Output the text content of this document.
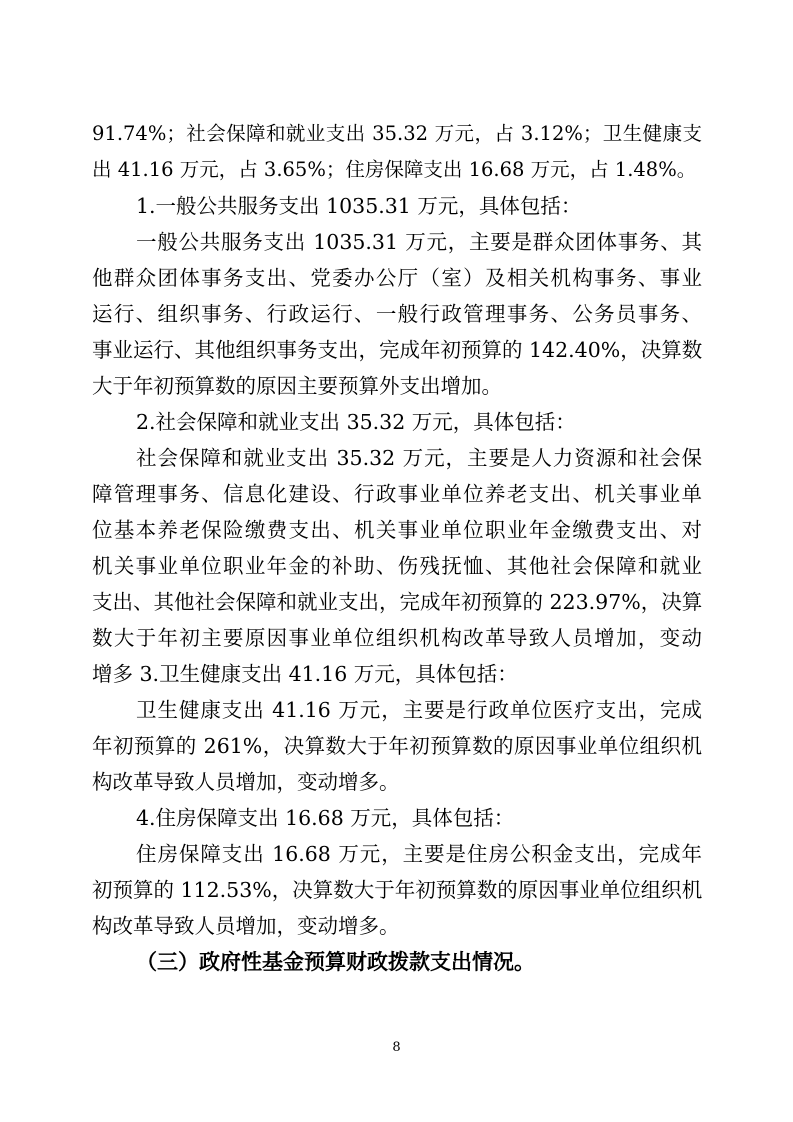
91.74%；社会保障和就业支出 35.32 万元，占 3.12%；卫生健康支
出 41.16 万元，占 3.65%；住房保障支出 16.68 万元，占 1.48%。
1.一般公共服务支出 1035.31 万元，具体包括：
一般公共服务支出 1035.31 万元，主要是群众团体事务、其
他群众团体事务支出、党委办公厅（室）及相关机构事务、事业
运行、组织事务、行政运行、一般行政管理事务、公务员事务、
事业运行、其他组织事务支出，完成年初预算的 142.40%，决算数
大于年初预算数的原因主要预算外支出增加。
2.社会保障和就业支出 35.32 万元，具体包括：
社会保障和就业支出 35.32 万元，主要是人力资源和社会保
障管理事务、信息化建设、行政事业单位养老支出、机关事业单
位基本养老保险缴费支出、机关事业单位职业年金缴费支出、对
机关事业单位职业年金的补助、伤残抚恤、其他社会保障和就业
支出、其他社会保障和就业支出，完成年初预算的 223.97%，决算
数大于年初主要原因事业单位组织机构改革导致人员增加，变动
增多 3.卫生健康支出 41.16 万元，具体包括：
卫生健康支出 41.16 万元，主要是行政单位医疗支出，完成
年初预算的 261%，决算数大于年初预算数的原因事业单位组织机
构改革导致人员增加，变动增多。
4.住房保障支出 16.68 万元，具体包括：
住房保障支出 16.68 万元，主要是住房公积金支出，完成年
初预算的 112.53%，决算数大于年初预算数的原因事业单位组织机
构改革导致人员增加，变动增多。
8
（三）政府性基金预算财政拨款支出情况。
